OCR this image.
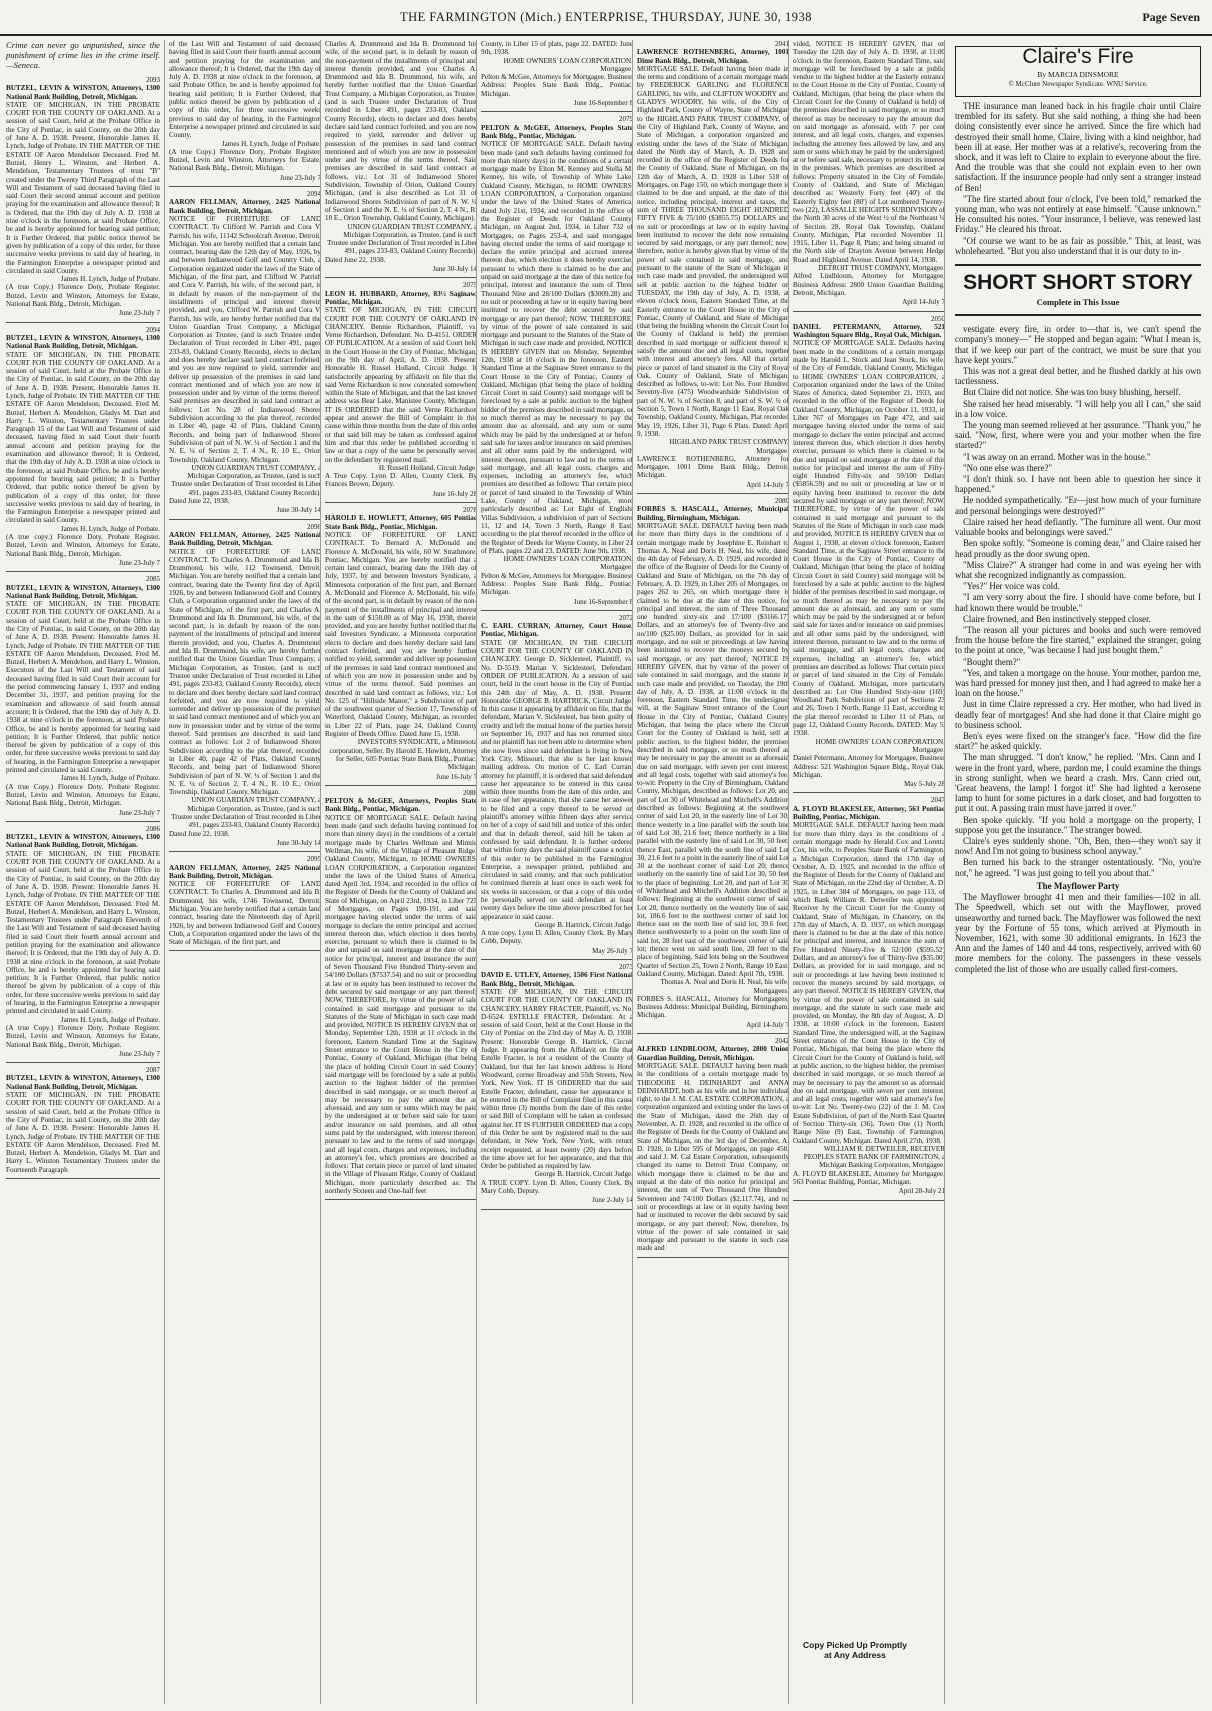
THE FARMINGTON (Mich.) ENTERPRISE, THURSDAY, JUNE 30, 1938	Page Seven
Crime can never go unpunished, since the punishment of crime lies in the crime itself.—Seneca.
2093
BUTZEL, LEVIN & WINSTON, Attorneys, 1300 National Bank Building, Detroit, Michigan.
STATE OF MICHIGAN, IN THE PROBATE COURT FOR THE COUNTY OF OAKLAND. At a session of said Court, held at the Probate Office in the City of Pontiac, in said County, on the 20th day of June A. D. 1938. Present, Honorable James H. Lynch, Judge of Probate. IN THE MATTER OF THE ESTATE OF Aaron Mendelson Deceased. Fred M. Butzel, Henry L. Winston, and Herbert A. Mendelson, Testamentary Trustees of trust "B" created under the Twenty Third Paragraph of the Last Will and Testament of said deceased having filed in said Court their second annual account and petition praying for the examination and allowance thereof; It is Ordered, that the 19th day of July A. D. 1938 at nine o'clock in the forenoon, at said Probate Office, be and is hereby appointed for hearing said petition; It is Further Ordered, that public notice thereof be given by publication of a copy of this order, for three successive weeks previous to said day of hearing, in the Farmington Enterprise a newspaper printed and circulated in said County.
James H. Lynch, Judge of Probate.
(A true Copy.) Florence Doty, Probate Register. Butzel, Levin and Winston, Attorneys for Estate, National Bank Bldg., Detroit, Michigan.
June 23-July 7
2094
BUTZEL, LEVIN & WINSTON, Attorneys, 1300 National Bank Building, Detroit, Michigan.
STATE OF MICHIGAN, IN THE PROBATE COURT FOR THE COUNTY OF OAKLAND. At a session of said Court, held at the Probate Office in the City of Pontiac, in said County, on the 20th day of June A. D. 1938. Present, Honorable James H. Lynch, Judge of Probate. IN THE MATTER OF THE ESTATE OF Aaron Mendelson, Deceased. Fred M. Butzel, Herbert A. Mendelson, Gladys M. Dart and Harry L. Winston, Testamentary Trustees under Paragraph 15 of the Last Will and Testament of said deceased, having filed in said Court their fourth annual account and petition praying for the examination and allowance thereof; It is Ordered, that the 19th day of July A. D. 1938 at nine o'clock in the forenoon, at said Probate Office, be and is hereby appointed for hearing said petition; It is Further Ordered, that public notice thereof be given by publication of a copy of this order, for three successive weeks previous to said day of hearing, in the Farmington Enterprise a newspaper printed and circulated in said County.
James H. Lynch, Judge of Probate.
(A true copy.) Florence Doty, Probate Register. Butzel, Levin and Winston, Attorneys for Estate, National Bank Bldg., Detroit, Michigan.
June 23-July 7
2085
BUTZEL, LEVIN & WINSTON, Attorneys, 1300 National Bank Building, Detroit, Michigan.
STATE OF MICHIGAN, IN THE PROBATE COURT FOR THE COUNTY OF OAKLAND. At a session of said Court, held at the Probate Office in the City of Pontiac, in said County, on the 20th day of June A. D. 1938. Present: Honorable James H. Lynch, Judge of Probate. IN THE MATTER OF THE ESTATE OF Aaron Mendelson, Deceased. Fred M. Butzel, Herbert A. Mendelson, and Harry L. Winston, Executors of the Last Will and Testament of said deceased having filed in said Court their account for the period commencing January 1, 1937 and ending December 31, 1937, and petition praying for the examination and allowance of said fourth annual account; It is Ordered, that the 19th day of July A. D. 1938 at nine o'clock in the forenoon, at said Probate Office, be and is hereby appointed for hearing said petition; It is Further Ordered, that public notice thereof be given by publication of a copy of this order, for three successive weeks previous to said day of hearing, in the Farmington Enterprise a newspaper printed and circulated in said County.
James H. Lynch, Judge of Probate.
(A true Copy.) Florence Doty, Probate Register. Butzel, Levin and Winston, Attorneys for Estate, National Bank Bldg., Detroit, Michigan.
June 23-July 7
2086
BUTZEL, LEVIN & WINSTON, Attorneys, 1300 National Bank Building, Detroit, Michigan.
STATE OF MICHIGAN, IN THE PROBATE COURT FOR THE COUNTY OF OAKLAND. At a session of said Court, held at the Probate Office in the City of Pontiac, in said County, on the 20th day of June A. D. 1938. Present: Honorable James H. Lynch, Judge of Probate. IN THE MATTER OF THE ESTATE OF Aaron Mendelson, Deceased. Fred M. Butzel, Herbert A. Mendelson, and Harry L. Winston, Testamentary Trustees under Paragraph Eleventh of the Last Will and Testament of said deceased having filed in said Court their fourth annual account and petition praying for the examination and allowance thereof; It is Ordered, that the 19th day of July A. D. 1938 at nine o'clock in the forenoon, at said Probate Office, be and is hereby appointed for hearing said petition; It is Further Ordered, that public notice thereof be given by publication of a copy of this order, for three successive weeks previous to said day of hearing, in the Farmington Enterprise a newspaper printed and circulated in said County.
James H. Lynch, Judge of Probate.
(A true Copy.) Florence Doty, Probate Register. Butzel, Levin and Winston, Attorneys for Estate, National Bank Bldg., Detroit, Michigan.
June 23-July 7
2087
BUTZEL, LEVIN & WINSTON, Attorneys, 1300 National Bank Building, Detroit, Michigan.
STATE OF MICHIGAN, IN THE PROBATE COURT FOR THE COUNTY OF OAKLAND. At a session of said Court, held at the Probate Office in the City of Pontiac, in said County, on the 20th day of June A. D. 1938. Present: Honorable James H. Lynch, Judge of Probate. IN THE MATTER OF THE ESTATE OF Aaron Mendelson, Deceased. Fred M. Butzel, Herbert A. Mendelson, Gladys M. Dart and Harry L. Winston Testamentary Trustees under the Fourteenth Paragraph
of the Last Will and Testament of said deceased having filed in said Court their fourth annual account and petition praying for the examination and allowance thereof; It is Ordered, that the 19th day of July A. D. 1938 at nine o'clock in the forenoon, at said Probate Office, be and is hereby appointed for hearing said petition; It is Further Ordered, that public notice thereof be given by publication of a copy of this order, for three successive weeks previous to said day of hearing, in the Farmington Enterprise a newspaper printed and circulated in said County.
James H. Lynch, Judge of Probate.
(A true Copy.) Florence Doty, Probate Register. Butzel, Levin and Winston, Attorneys for Estate, National Bank Bldg., Detroit, Michigan.
June 23-July 7
2094
AARON FELLMAN, Attorney, 2425 National Bank Building, Detroit, Michigan.
NOTICE OF FORFEITURE OF LAND CONTRACT. To Clifford W. Parrish and Cora V. Parrish, his wife, 11142 Schoolcraft Avenue, Detroit, Michigan. You are hereby notified that a certain land contract, bearing date the 12th day of May, 1926, by and between Indianwood Golf and Country Club, a Corporation organized under the laws of the State of Michigan, of the first part, and Clifford W. Parrish and Cora V. Parrish, his wife, of the second part, is in default by reason of the non-payment of the installments of principal and interest therein provided, and you, Clifford W. Parrish and Cora V. Parrish, his wife, are hereby further notified that the Union Guardian Trust Company, a Michigan Corporation as Trustee, (and is such Trustee under Declaration of Trust recorded in Liber 491, pages 233-83, Oakland County Records), elects to declare and does hereby declare said land contract forfeited, and you are now required to yield, surrender and deliver up possession of the premises in said land contract mentioned and of which you are now in possession under and by virtue of the terms thereof. Said premises are described in said land contract as follows: Lot No. 28 of Indianwood Shores Subdivision according to the plat thereof, recorded in Liber 40, page 42 of Plats, Oakland County Records, and being part of Indianwood Shores Subdivision of part of N. W. ¼ of Section 1 and the N. E. ¼ of Section 2, T. 4 N., R. 10 E., Orion Township, Oakland County, Michigan.
UNION GUARDIAN TRUST COMPANY, a Michigan Corporation, as Trustee, (and is such Trustee under Declaration of Trust recorded in Liber 491, pages 233-83, Oakland County Records).
Dated June 22, 1938.
June 30-July 14
2096
AARON FELLMAN, Attorney, 2425 National Bank Building, Detroit, Michigan.
NOTICE OF FORFEITURE OF LAND CONTRACT. To Charles A. Drummond and Ida B. Drummond, his wife, 112 Townsend, Detroit, Michigan. You are hereby notified that a certain land contract, bearing date the Twenty first day of April, 1926, by and between Indianwood Golf and Country Club, a Corporation organized under the laws of the State of Michigan, of the first part, and Charles A. Drummond and Ida B. Drummond, his wife, of the second part, is in default by reason of the non-payment of the installments of principal and interest therein provided, and you, Charles A. Drummond and Ida B. Drummond, his wife, are hereby further notified that the Union Guardian Trust Company, a Michigan Corporation, as Trustee, (and is such Trustee under Declaration of Trust recorded in Liber 491, pages 233-83, Oakland County Records), elects to declare and does hereby declare said land contract forfeited, and you are now required to yield, surrender and deliver up possession of the premises in said land contract mentioned and of which you are now in possession under and by virtue of the terms thereof. Said premises are described in said land contract as follows: Lot 2 of Indianwood Shores Subdivision according to the plat thereof, recorded in Liber 40, page 42 of Plats, Oakland County Records, and being part of Indianwood Shores Subdivision of part of N. W. ¼ of Section 1 and the N. E. ¼ of Section 2, T. 4 N., R. 10 E., Orion Township, Oakland County, Michigan.
UNION GUARDIAN TRUST COMPANY, a Michigan Corporation, as Trustee, (and is such Trustee under Declaration of Trust recorded in Liber 491, pages 233-83, Oakland County Records).
Dated June 22, 1938.
June 30-July 14
2095
AARON FELLMAN, Attorney, 2425 National Bank Building, Detroit, Michigan.
NOTICE OF FORFEITURE OF LAND CONTRACT. To Charles A. Drummond and Ida B. Drummond, his wife, 1746 Townsend, Detroit, Michigan. You are hereby notified that a certain land contract, bearing date the Nineteenth day of April, 1926, by and between Indianwood Golf and Country Club, a Corporation organized under the laws of the State of Michigan, of the first part, and
Charles A. Drummond and Ida B. Drummond his wife, of the second part, is in default by reason of the non-payment of the installments of principal and interest therein provided, and you Charles A. Drummond and Ida B. Drummond, his wife, are hereby further notified that the Union Guardian Trust Company, a Michigan Corporation, as Trustee, (and is such Trustee under Declaration of Trust recorded in Liber 491, pages 233-83, Oakland County Records), elects to declare and does hereby declare said land contract forfeited, and you are now required to yield, surrender and deliver up possession of the premises in said land contract mentioned and of which you are now in possession under and by virtue of the terms thereof. Said premises are described in said land contract as follows, viz.: Lot 31 of Indianwood Shores Subdivision, Township of Orion, Oakland County, Michigan, (and is also described as Lot 31 of Indianwood Shores Subdivision of part of N. W. ¼ of Section 1 and the N. E. ¼ of Section 2, T. 4 N., R. 10 E., Orion Township, Oakland County, Michigan).
UNION GUARDIAN TRUST COMPANY, a Michigan Corporation, as Trustee, (and is such Trustee under Declaration of Trust recorded in Liber 491, pages 233-83, Oakland County Records).
Dated June 22, 1938.
June 30-July 14
2075
LEON H. HUBBARD, Attorney, 83½ Saginaw, Pontiac, Michigan.
STATE OF MICHIGAN, IN THE CIRCUIT COURT FOR THE COUNTY OF OAKLAND IN CHANCERY. Bennie Richardson, Plaintiff, vs. Verne Richardson, Defendant. No. D-4151. ORDER OF PUBLICATION. At a session of said Court held in the Court House in the City of Pontiac, Michigan, on the 9th day of April, A. D. 1938. Present: Honorable H. Russel Holland, Circuit Judge. It satisfactorily appearing by affidavit on file that the said Verne Richardson is now concealed somewhere within the State of Michigan, and that the last known address was Bear Lake, Manistee County, Michigan. IT IS ORDERED that the said Verne Richardson appear and answer the Bill of Complaint in this cause within three months from the date of this order or that said bill may be taken as confessed against him and that this order be published according to law or that a copy of the same be personally served on the defendant by registered mail.
H. Russell Holland, Circuit Judge.
A True Copy. Lynn D. Allen, County Clerk. By Frances Brown, Deputy.
June 16-July 28
2078
HAROLD E. HOWLETT, Attorney, 605 Pontiac State Bank Bldg., Pontiac, Michigan.
NOTICE OF FORFEITURE OF LAND CONTRACT. To Bernard A. McDonald and Florence A. McDonald, his wife, 60 W. Strathmore, Pontiac, Michigan. You are hereby notified that a certain land contract, bearing date the 16th day of July, 1937, by and between Investors Syndicate, a Minnesota corporation of the first part, and Bernard A. McDonald and Florence A. McDonald, his wife, of the second part, is in default by reason of the non-payment of the installments of principal and interest in the sum of $150.00 as of May 16, 1938, therein provided, and you are hereby further notified that the said Investors Syndicate, a Minnesota corporation elects to declare and does hereby declare said land contract forfeited, and you are hereby further notified to yield, surrender and deliver up possession of the premises in said land contract mentioned and of which you are now in possession under and by virtue of the terms thereof. Said premises are described in said land contract as follows, viz.: Lot No. 125 of "Hillside Manor," a Subdivision of part of the southwest quarter of Section 17, Township of Waterford, Oakland County, Michigan, as recorded in Liber 22 of Plats, page 24, Oakland County Register of Deeds Office. Dated June 15, 1938.
INVESTORS SYNDICATE, a Minnesota corporation, Seller. By Harold E. Howlett, Attorney for Seller, 605 Pontiac State Bank Bldg., Pontiac, Michigan.
June 16-July 7
2088
PELTON & McGEE, Attorneys, Peoples State Bank Bldg., Pontiac, Michigan.
NOTICE OF MORTGAGE SALE. Default having been made (and such defaults having continued for more than ninety days) in the conditions of a certain mortgage made by Charles Wellman and Minnie Wellman, his wife, of the Village of Pleasant Ridge, Oakland County, Michigan, to HOME OWNERS' LOAN CORPORATION, a Corporation organized under the laws of the United States of America, dated April 3rd, 1934, and recorded in the office of the Register of Deeds for the County of Oakland and State of Michigan, on April 23rd, 1934, in Liber 725 of Mortgages, on Pages 190-191, and said mortgagee having elected under the terms of said mortgage to declare the entire principal and accrued interest thereon due, which election it does hereby exercise, pursuant to which there is claimed to be due and unpaid on said mortgage at the date of this notice for principal, interest and insurance the sum of Seven Thousand Five Hundred Thirty-seven and 54/100 Dollars ($7537.54) and no suit or proceeding at law or in equity has been instituted to recover the debt secured by said mortgage or any part thereof; NOW, THEREFORE, by virtue of the power of sale contained in said mortgage and pursuant to the Statutes of the State of Michigan in such case made and provided, NOTICE IS HEREBY GIVEN that on Monday, September 12th, 1938 at 11 o'clock in the forenoon, Eastern Standard Time at the Saginaw Street entrance to the Court House in the City of Pontiac, County of Oakland, Michigan (that being the place of holding Circuit Court in said County) said mortgage will be foreclosed by a sale at public auction to the highest bidder of the premises described in said mortgage, or so much thereof as may be necessary to pay the amount due as aforesaid, and any sum or sums which may be paid by the undersigned at or before said sale for taxes and/or insurance on said premises, and all other sums paid by the undersigned, with interest thereon, pursuant to law and to the terms of said mortgage, and all legal costs, charges and expenses, including an attorney's fee, which premises are described as follows: That certain piece or parcel of land situated in the Village of Pleasant Ridge, County of Oakland, Michigan, more particularly described as: The northerly Sixteen and One-half feet
County, in Liber 15 of plats, page 22. DATED: June 9th, 1938.
HOME OWNERS' LOAN CORPORATION, Mortgagee.
Pelton & McGee, Attorneys for Mortgagee. Business Address: Peoples State Bank Bldg., Pontiac, Michigan.
June 16-September 8
2079
PELTON & McGEE, Attorneys, Peoples State Bank Bldg., Pontiac, Michigan.
NOTICE OF MORTGAGE SALE. Default having been made (and such defaults having continued for more than ninety days) in the conditions of a certain mortgage made by Elton M. Kenney and Stella M. Kenney, his wife, of Township of White Lake, Oakland County, Michigan, to HOME OWNERS' LOAN CORPORATION, a Corporation organized under the laws of the United States of America, dated July 21st, 1934, and recorded in the office of the Register of Deeds for Oakland County, Michigan, on August 2nd, 1934, in Liber 732 of Mortgages, on Pages 253-4, and said mortgagee having elected under the terms of said mortgage to declare the entire principal and accrued interest thereon due, which election it does hereby exercise, pursuant to which there is claimed to be due and unpaid on said mortgage at the date of this notice for principal, interest and insurance the sum of Three Thousand Nine and 28/100 Dollars ($3009.28) and no suit or proceeding at law or in equity having been instituted to recover the debt secured by said mortgage or any part thereof; NOW, THEREFORE, by virtue of the power of sale contained in said mortgage and pursuant to the Statutes of the State of Michigan in such case made and provided, NOTICE IS HEREBY GIVEN that on Monday, September 12th, 1938 at 10 o'clock in the forenoon, Eastern Standard Time at the Saginaw Street entrance to the Court House in the City of Pontiac, County of Oakland, Michigan (that being the place of holding Circuit Court in said County) said mortgage will be foreclosed by a sale at public auction to the highest bidder of the premises described in said mortgage, or so much thereof as may be necessary to pay the amount due as aforesaid, and any sum or sums which may be paid by the undersigned at or before said sale for taxes and/or insurance on said premises, and all other sums paid by the undersigned, with interest thereon, pursuant to law and to the terms of said mortgage, and all legal costs, charges and expenses, including an attorney's fee, which premises are described as follows: That certain piece or parcel of land situated in the Township of White Lake, County of Oakland, Michigan, more particularly described as: Lot Eight of Englishi Villas Subdivision, a subdivision of part of Sections 11, 12 and 14, Town 3 North, Range 8 East, according to the plat thereof recorded in the office of the Register of Deeds for Wayne County, in Liber 21 of Plats, pages 22 and 23. DATED: June 9th, 1938.
HOME OWNERS' LOAN CORPORATION, Mortgagee.
Pelton & McGee, Attorneys for Mortgagee. Business Address: Peoples State Bank Bldg., Pontiac, Michigan.
June 16-September 8
2072
C. EARL CURRAN, Attorney, Court House, Pontiac, Michigan.
STATE OF MICHIGAN, IN THE CIRCUIT COURT FOR THE COUNTY OF OAKLAND IN CHANCERY. George D. Sicklesteel, Plaintiff, vs. No. D-5519. Marian V. Sicklesteel, Defendant. ORDER OF PUBLICATION. At a session of said court, held in the court house in the City of Pontiac this 24th day of May, A. D. 1938. Present: Honorable GEORGE B. HARTRICK, Circuit Judge. In this cause it appearing by affidavit on file, that the defendant, Marian V. Sicklesteel, has been guilty of cruelty and left the mutual home of the parties herein on September 16, 1937 and has not returned since and no plaintiff has not been able to determine where she now lives since said defendant is living in New York City, Missouri, that she is her last known mailing address. On motion of C. Earl Curran, attorney for plaintiff, it is ordered that said defendant cause her appearance to be entered in this cause within three months from the date of this order, and in case of her appearance, that she cause her answer to be filed and a copy thereof to be served on plaintiff's attorney within fifteen days after service on her of a copy of said bill and notice of this order; and that in default thereof, said bill be taken as confessed by said defendant. It is further ordered that within forty days the said plaintiff cause a notice of this order to be published in the Farmington Enterprise, a newspaper printed, published and circulated in said county, and that such publication be continued therein at least once in each week for six weeks in succession, or that a copy of this order be personally served on said defendant at least twenty days before the time above prescribed for her appearance in said cause.
George B. Hartrick, Circuit Judge.
A true copy. Lynn D. Allen, County Clerk. By Mary Cobb, Deputy.
May 26-July 7
2073
DAVID E. UTLEY, Attorney, 1506 First National Bank Bldg., Detroit, Michigan.
STATE OF MICHIGAN, IN THE CIRCUIT COURT FOR THE COUNTY OF OAKLAND IN CHANCERY. HARRY FRACTER, Plaintiff, vs. No. D-6524. ESTELLE FRACTER, Defendant. At a session of said Court, held at the Court House in the City of Pontiac on the 23rd day of May A. D. 1938. Present: Honorable George B. Hartrick, Circuit Judge. It appearing from the Affidavit on file that Estelle Fracter, is not a resident of the County of Oakland, but that her last known address is Hotel Woodward, corner Broadway and 55th Streets, New York, New York. IT IS ORDERED that the said Estelle Fracter, defendant, cause her appearance to be entered in the Bill of Complaint filed in this cause within three (3) months from the date of this order, or said Bill of Complaint will be taken as confessed against her. IT IS FURTHER ORDERED that a copy of this Order be sent by registered mail to the said defendant, in New York, New York, with return receipt requested, at least twenty (20) days before the time above set for her appearance, and that this Order be published as required by law.
George B. Hartrick, Circuit Judge.
A TRUE COPY. Lynn D. Allen, County Clerk. By Mary Cobb, Deputy.
June 2-July 14
2041
LAWRENCE ROTHENBERG, Attorney, 1001 Dime Bank Bldg., Detroit, Michigan.
MORTGAGE SALE. Default having been made in the terms and conditions of a certain mortgage made by FREDERICK GARLING and FLORENCE GARLING, his wife, and CLIFTON WOODRY and GLADYS WOODRY, his wife, of the City of Highland Park, County of Wayne, State of Michigan to the HIGHLAND PARK TRUST COMPANY, of the City of Highland Park, County of Wayne, and State of Michigan, a corporation organized and existing under the laws of the State of Michigan, dated the Ninth day of March, A. D. 1928 and recorded in the office of the Register of Deeds for the County of Oakland, State of Michigan, on the 12th day of March, A. D. 1928 in Liber 518 of Mortgages, on Page 150, on which mortgage there is claimed to be due and unpaid, at the date of this notice, including principal, interest and taxes, the sum of THREE THOUSAND EIGHT HUNDRED FIFTY FIVE & 75/100 ($3855.75) DOLLARS and no suit or proceedings at law or in equity having been instituted to recover the debt now remaining secured by said mortgage, or any part thereof; now, therefore, notice is hereby given that by virtue of the power of sale contained in said mortgage, and pursuant to the statute of the State of Michigan in such case made and provided, the undersigned will sell at public auction to the highest bidder on TUESDAY, the 19th day of July, A. D. 1938, at eleven o'clock noon, Eastern Standard Time, at the Easterly entrance to the Court House in the City of Pontiac, County of Oakland, and State of Michigan (that being the building wherein the Circuit Court for the County of Oakland is held) the premises described in said mortgage or sufficient thereof to satisfy the amount due and all legal costs, together with interest and attorney's fees. All that certain piece or parcel of land situated in the City of Royal Oak, County of Oakland, State of Michigan, described as follows, to-wit: Lot No. Four Hundred Seventy-five (475) Woodwardside Subdivision of part of N. W. ¼ of Section 8, and part of S. W. ¼ of Section 5, Town 1 North, Range 11 East, Royal Oak Township, Oakland County, Michigan, Plat recorded May 19, 1926, Liber 31, Page 6 Plats. Dated: April 9, 1938.
HIGHLAND PARK TRUST COMPANY, Mortgagee.
LAWRENCE ROTHENBERG, Attorney for Mortgagee, 1001 Dime Bank Bldg., Detroit, Michigan.
April 14-July 7
2080
FORBES S. HASCALL, Attorney, Municipal Building, Birmingham, Michigan.
MORTGAGE SALE. DEFAULT having been made for more than thirty days in the conditions of a certain mortgage made by Josephine E. Reinhart to Thomas A. Neal and Doris H. Neal, his wife, dated the 4th day of February, A. D. 1929, and recorded in the office of the Register of Deeds for the County of Oakland and State of Michigan, on the 7th day of February, A. D. 1929, in Liber 205 of Mortgages, on pages 262 to 265, on which mortgage there is claimed to be due at the date of this notice, for principal and interest, the sum of Three Thousand one hundred sixty-six and 17/100 ($3166.17) Dollars, and an attorney's fee of Twenty-five and no/100 ($25.00) Dollars, as provided for in said mortgage, and no suit or proceedings at law having been instituted to recover the moneys secured by said mortgage, or any part thereof; NOTICE IS HEREBY GIVEN, that by virtue of the power of sale contained in said mortgage, and the statute in such case made and provided, on Tuesday, the 19th day of July, A. D. 1938, at 11:00 o'clock in the forenoon, Eastern Standard Time, the undersigned will, at the Saginaw Street entrance of the Court House in the City of Pontiac, Oakland County, Michigan, that being the place where the Circuit Court for the County of Oakland is held, sell at public auction, to the highest bidder, the premises described in said mortgage, or so much thereof as may be necessary to pay the amount so as aforesaid due on said mortgage, with seven per cent interest, and all legal costs, together with said attorney's fee, to-wit: Property in the City of Birmingham, Oakland County, Michigan, described as follows: Lot 20, and part of Lot 30 of Whitehead and Mitchell's Addition described as follows: Beginning at the southwest corner of said Lot 20, in the easterly line of Lot 30; thence westerly in a line parallel with the south line of said Lot 30, 21.6 feet; thence northerly in a line parallel with the easterly line of said Lot 30, 50 feet; thence East, parallel with the south line of said Lot 30, 21.6 feet to a point in the easterly line of said Lot 30 at the northeast corner of said Lot 20; thence southerly on the easterly line of said Lot 30, 50 feet to the place of beginning. Lot 20, and part of Lot 30 of Whitehead and Mitchell's Addition described as follows: Beginning at the southwest corner of said Lot 20, thence northerly on the westerly line of said lot, 186.6 feet to the northwest corner of said lot; thence east on the north line of said lot, 39.6 feet; thence southwesterly to a point on the south line of said lot, 28 feet east of the southwest corner of said lot; thence west on said south line, 28 feet to the place of beginning. Said lots being on the Southwest Quarter of Section 25, Town 2 North, Range 10 East, Oakland County, Michigan. Dated: April 7th, 1938.
Thomas A. Neal and Doris H. Neal, his wife, Mortgagees.
FORBES S. HASCALL, Attorney for Mortgagees, Business Address: Municipal Building, Birmingham, Michigan.
April 14-July 7
2042
ALFRED LINDBLOOM, Attorney, 2800 Union Guardian Building, Detroit, Michigan.
MORTGAGE SALE. DEFAULT having been made in the conditions of a certain mortgage made by THEODORE H. DEINHARDT and ANNA DEINHARDT, both as his wife and in her individual right, to the J. M. CAL ESTATE CORPORATION, a corporation organized and existing under the laws of the State of Michigan, dated the 26th day of November, A. D. 1928, and recorded in the office of the Register of Deeds for the County of Oakland and State of Michigan, on the 3rd day of December, A. D. 1928, in Liber 595 of Mortgages, on page 458, and said J. M. Cal Estate Corporation, subsequently changed its name to Detroit Trust Company, on which mortgage there is claimed to be due and unpaid at the date of this notice for principal and interest, the sum of Two Thousand One Hundred Seventeen and 74/100 Dollars ($2,117.74), and no suit or proceedings at law or in equity having been had or instituted to recover the debt secured by said mortgage, or any part thereof; Now, therefore, by virtue of the power of sale contained in said mortgage and pursuant to the statute in such case made and
vided, NOTICE IS HEREBY GIVEN, that on Tuesday the 12th day of July A. D. 1938, at 11:00 o'clock in the forenoon, Eastern Standard Time, said mortgage will be foreclosed by a sale at public vendue to the highest bidder at the Easterly entrance to the Court House in the City of Pontiac, County of Oakland, Michigan, (that being the place where the Circuit Court for the County of Oakland is held) of the premises described in said mortgage, or so much thereof as may be necessary to pay the amount due on said mortgage as aforesaid, with 7 per cent interest, and all legal costs, charges, and expenses, including the attorney fees allowed by law, and any sum or sums which may be paid by the undersigned, at or before said sale, necessary to protect its interest in the premises. Which premises are described as follows: Property situated in the City of Ferndale, County of Oakland, and State of Michigan, described as: Westerly Forty feet (40') of the Easterly Eighty feet (80') of Lot numbered Twenty-two (22), LASSALLE HEIGHTS SUBDIVISION of the North 30 acres of the West ½ of the Northeast ¼ of Section 28, Royal Oak Township, Oakland County, Michigan, Plat recorded November 11, 1915, Liber 11, Page 8, Plats; and being situated on the North side of Drayton Avenue between Hedge Road and Highland Avenue. Dated April 14, 1938.
DETROIT TRUST COMPANY, Mortgagee.
Alfred Lindbloom, Attorney for Mortgagee, Business Address: 2800 Union Guardian Building, Detroit, Michigan.
April 14-July 7
2050
DANIEL PETERMANN, Attorney, 521 Washington Square Bldg., Royal Oak, Michigan.
NOTICE OF MORTGAGE SALE. Defaults having been made in the conditions of a certain mortgage made by Harold L. Stock and Jean Stock, his wife, of the City of Ferndale, Oakland County, Michigan, to HOME OWNERS' LOAN CORPORATION, a Corporation organized under the laws of the United States of America, dated September 21, 1933, and recorded in the office of the Register of Deeds for Oakland County, Michigan, on October 11, 1933, in Liber 767 of Mortgages on Page 472, and said mortgagee having elected under the terms of said mortgage to declare the entire principal and accrued interest thereon due, which election it does hereby exercise, pursuant to which there is claimed to be due and unpaid on said mortgage at the date of this notice for principal and interest the sum of Fifty-eight Hundred Fifty-six and 59/100 Dollars ($5856.59) and no suit or proceeding at law or in equity having been instituted to recover the debt secured by said mortgage or any part thereof; NOW, THEREFORE, by virtue of the power of sale contained in said mortgage and pursuant to the Statutes of the State of Michigan in such case made and provided, NOTICE IS HEREBY GIVEN that on August 1, 1938, at eleven o'clock forenoon, Eastern Standard Time, at the Saginaw Street entrance to the Court House in the City of Pontiac, County of Oakland, Michigan (that being the place of holding Circuit Court in said County) said mortgage will be foreclosed by a sale at public auction to the highest bidder of the premises described in said mortgage, or so much thereof as may be necessary to pay the amount due as aforesaid, and any sum or sums which may be paid by the undersigned at or before said sale for taxes and/or insurance on said premises, and all other sums paid by the undersigned, with interest thereon, pursuant to law and to the terms of said mortgage, and all legal costs, charges and expenses, including an attorney's fee, which premises are described as follows: That certain piece or parcel of land situated in the City of Ferndale, County of Oakland, Michigan, more particularly described as: Lot One Hundred Sixty-nine (169) Woodland Park Subdivision of part of Sections 23 and 26, Town 1 North, Range 11 East, according to the plat thereof recorded in Liber 11 of Plats, on page 12, Oakland County Records. DATED: May 5, 1938.
HOME OWNERS' LOAN CORPORATION, Mortgagee.
Daniel Petermann, Attorney for Mortgagee, Business Address: 521 Washington Square Bldg., Royal Oak, Michigan.
May 5-July 28
2047
A. FLOYD BLAKESLEE, Attorney, 563 Pontiac Building, Pontiac, Michigan.
MORTGAGE SALE. DEFAULT having been made for more than thirty days in the conditions of a certain mortgage made by Herald Cox and Loretta Cox, his wife, to Peoples State Bank of Farmington, a Michigan Corporation, dated the 17th day of October, A. D. 1925, and recorded in the office of the Register of Deeds for the County of Oakland and State of Michigan, on the 22nd day of October, A. D. 1925, in Liber 384 of Mortgages, on page 113, of which Bank William R. Detweiler was appointed Receiver by the Circuit Court for the County of Oakland, State of Michigan, in Chancery, on the 17th day of March, A. D. 1937, on which mortgage there is claimed to be due at the date of this notice, for principal and interest, and insurance the sum of Five Hundred Ninety-five & 52/100 ($595.52) Dollars, and an attorney's fee of Thirty-five ($35.00) Dollars, as provided for in said mortgage, and no suit or proceedings at law having been instituted to recover the moneys secured by said mortgage, or any part thereof. NOTICE IS HEREBY GIVEN, that by virtue of the power of sale contained in said mortgage, and the statute in such case made and provided, on Monday, the 8th day of August, A. D. 1938, at 10:00 o'clock in the forenoon, Eastern Standard Time, the undersigned will, at the Saginaw Street entrance of the Court House in the City of Pontiac, Michigan, that being the place where the Circuit Court for the County of Oakland is held, sell at public auction, to the highest bidder, the premises described in said mortgage, or so much thereof as may be necessary to pay the amount so as aforesaid due on said mortgage, with seven per cent interest, and all legal costs, together with said attorney's fee, to-wit: Lot No. Twenty-two (22) of the J. M. Cox Estate Subdivision, of part of the North East Quarter of Section Thirty-six (36), Town One (1) North, Range Nine (9) East, Township of Farmington, Oakland County, Michigan. Dated April 27th, 1938.
WILLIAM R. DETWEILER, RECEIVER PEOPLES STATE BANK OF FARMINGTON, a Michigan Banking Corporation, Mortgagee.
A. FLOYD BLAKESLEE, Attorney for Mortgagee, 563 Pontiac Building, Pontiac, Michigan.
April 28-July 21
Claire's Fire
By MARCIA DINSMORE
© McClure Newspaper Syndicate. WNU Service.

THE insurance man leaned back in his fragile chair until Claire trembled for its safety. But she said nothing, a thing she had been doing consistently ever since he arrived. Since the fire which had destroyed their small home, Claire, living with a kind neighbor, had been ill at ease. Her mother was at a relative's, recovering from the shock, and it was left to Claire to explain to everyone about the fire. And the trouble was that she could not explain even to her own satisfaction. If the insurance people had only sent a stranger instead of Ben!

"The fire started about four o'clock, I've been told," remarked the young man, who was not entirely at ease himself. "Cause unknown." He consulted his notes. "Your insurance, I believe, was renewed last Friday." He cleared his throat.

"Of course we want to be as fair as possible." This, at least, was wholehearted. "But you also understand that it is our duty to in-

SHORT SHORT STORY
Complete in This Issue

vestigate every fire, in order to—that is, we can't spend the company's money—" He stopped and began again: "What I mean is, that if we keep our part of the contract, we must be sure that you have kept yours."

This was not a great deal better, and he flushed darkly at his own tactlessness.

But Claire did not notice. She was too busy blushing, herself.

She raised her head miserably. "I will help you all I can," she said in a low voice.

The young man seemed relieved at her assurance. "Thank you," he said. "Now, first, where were you and your mother when the fire started?"

"I was away on an errand. Mother was in the house."

"No one else was there?"

"I don't think so. I have not been able to question her since it happened."

He nodded sympathetically. "Er—just how much of your furniture and personal belongings were destroyed?"

Claire raised her head defiantly. "The furniture all went. Our most valuable books and belongings were saved."

Ben spoke softly. "Someone is coming dear," and Claire raised her head proudly as the door swung open.

"Miss Claire?" A stranger had come in and was eyeing her with what she recognized indignantly as compassion.

"Yes?" Her voice was cold.

"I am very sorry about the fire. I should have come before, but I had known there would be trouble."

Claire frowned, and Ben instinctively stepped closer.

"The reason all your pictures and books and such were removed from the house before the fire started," explained the stranger, going to the point at once, "was because I had just bought them."

"Bought them?"

"Yes, and taken a mortgage on the house. Your mother, pardon me, was hard pressed for money just then, and I had agreed to make her a loan on the house."

Just in time Claire repressed a cry. Her mother, who had lived in deadly fear of mortgages! And she had done it that Claire might go to business school.

Ben's eyes were fixed on the stranger's face. "How did the fire start?" he asked quickly.

The man shrugged. "I don't know," he replied. "Mrs. Cann and I were in the front yard, where, pardon me, I could examine the things in strong sunlight, when we heard a crash. Mrs. Cann cried out, 'Great heavens, the lamp! I forgot it!' She had lighted a kerosene lamp to hunt for some pictures in a dark closet, and had forgotten to put it out. A passing train must have jarred it over."

Ben spoke quickly. "If you hold a mortgage on the property, I suppose you get the insurance." The stranger bowed.

Claire's eyes suddenly shone. "Oh, Ben, then—they won't say it now! And I'm not going to business school anyway."

Ben turned his back to the stranger ostentatiously. "No, you're not," he agreed. "I was just going to tell you about that."

The Mayflower Party

The Mayflower brought 41 men and their families—102 in all. The Speedwell, which set out with the Mayflower, proved unseaworthy and turned back. The Mayflower was followed the next year by the Fortune of 55 tons, which arrived at Plymouth in November, 1621, with some 30 additional emigrants. In 1623 the Ann and the James of 140 and 44 tons, respectively, arrived with 60 more members for the colony. The passengers in these vessels completed the list of those who are usually called first-comers.

Copy Picked Up Promptly at Any Address
